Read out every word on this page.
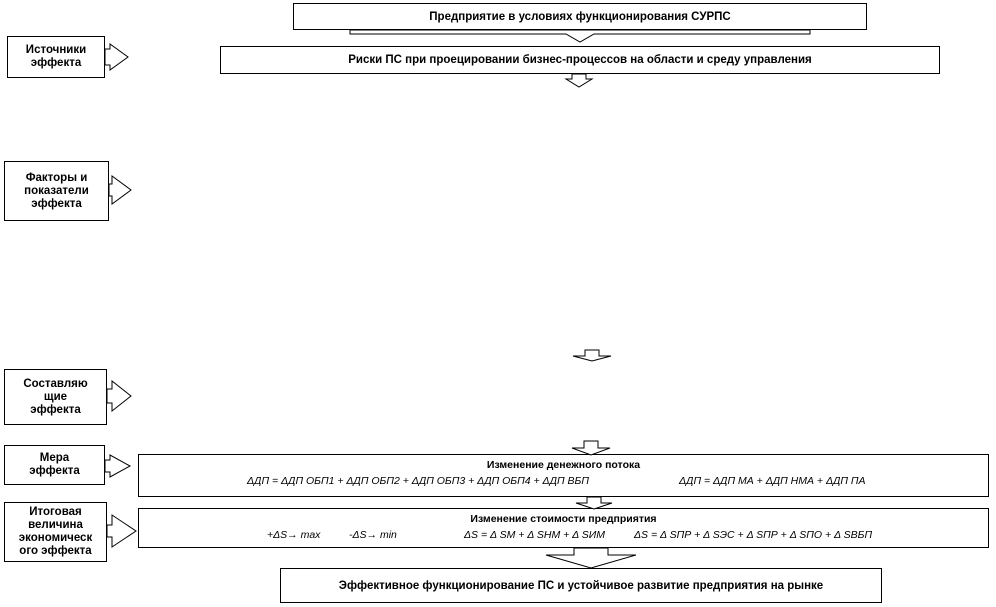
Предприятие в условиях функционирования СУРПС
Риски ПС при проецировании бизнес-процессов на области и среду управления
Источники
эффекта
Факторы и
показатели
эффекта
Составляю
щие
эффекта
Мера
эффекта
Итоговая
величина
экономическ
ого эффекта
Изменение денежного потока
ΔДП = ΔДП ОБП1 + ΔДП ОБП2 + ΔДП ОБП3 + ΔДП ОБП4 + ΔДП ВБП	ΔДП = ΔДП МА + ΔДП НМА + ΔДП ПА
Изменение стоимости предприятия
+ΔS→ max	-ΔS→ min	ΔS = Δ SМ + Δ SНМ + Δ SИМ	ΔS = Δ SПР + Δ SЭС + Δ SПР + Δ SПО + Δ SВБП
Эффективное функционирование ПС и устойчивое развитие предприятия на рынке
